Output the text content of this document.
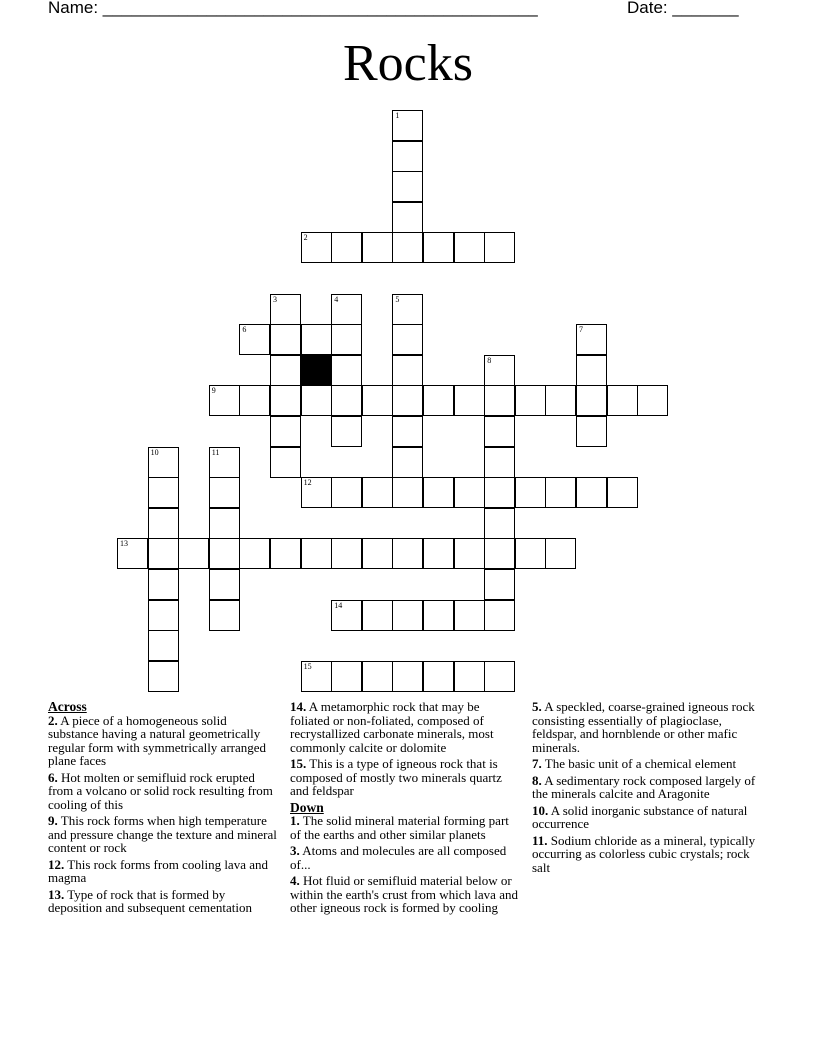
Name: ______________________________________________	Date: _______
Rocks
1
2
3	4	5
6	7
8
9
10	11
12
13
14
15

Across

2. A piece of a homogeneous solid substance having a natural geometrically regular form with symmetrically arranged plane faces

6. Hot molten or semifluid rock erupted from a volcano or solid rock resulting from cooling of this

9. This rock forms when high temperature and pressure change the texture and mineral content or rock

12. This rock forms from cooling lava and magma

13. Type of rock that is formed by deposition and subsequent cementation

14. A metamorphic rock that may be foliated or non-foliated, composed of recrystallized carbonate minerals, most commonly calcite or dolomite

15. This is a type of igneous rock that is composed of mostly two minerals quartz and feldspar

Down

1. The solid mineral material forming part of the earths and other similar planets

3. Atoms and molecules are all composed of...

4. Hot fluid or semifluid material below or within the earth's crust from which lava and other igneous rock is formed by cooling

5. A speckled, coarse-grained igneous rock consisting essentially of plagioclase, feldspar, and hornblende or other mafic minerals.

7. The basic unit of a chemical element

8. A sedimentary rock composed largely of the minerals calcite and Aragonite

10. A solid inorganic substance of natural occurrence

11. Sodium chloride as a mineral, typically occurring as colorless cubic crystals; rock salt
